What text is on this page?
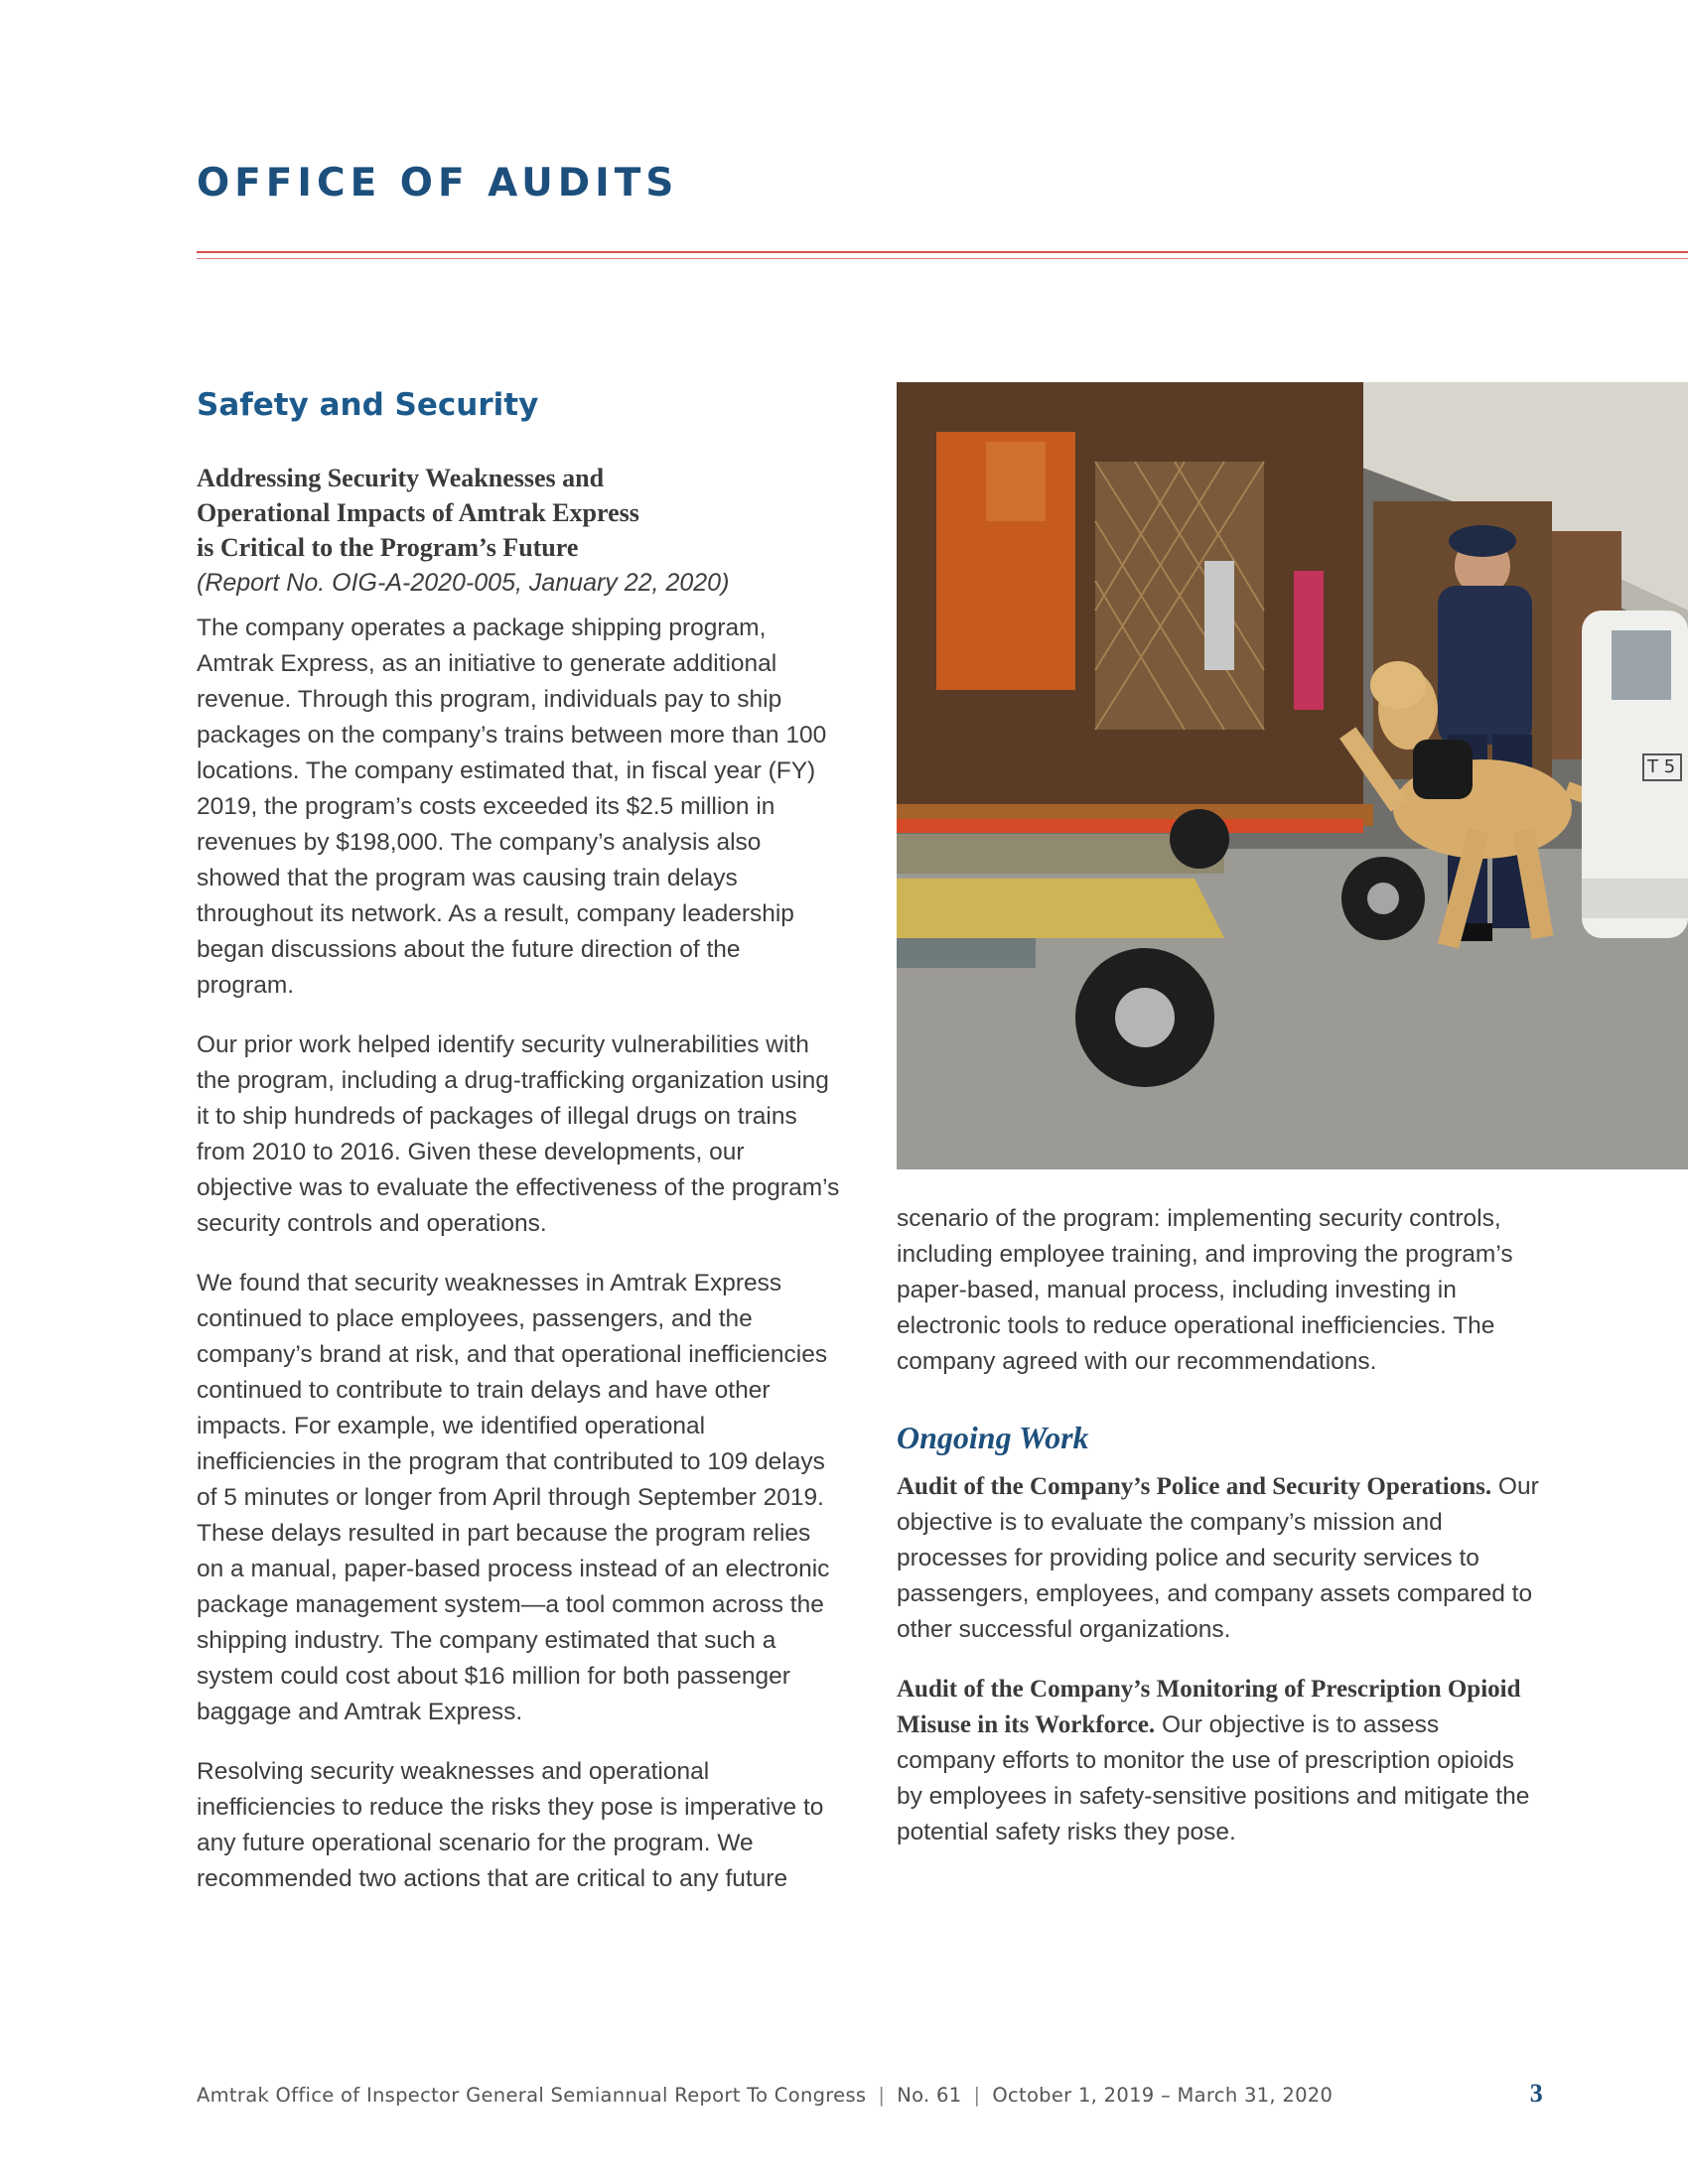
OFFICE OF AUDITS
Safety and Security

Addressing Security Weaknesses and
Operational Impacts of Amtrak Express
is Critical to the Program’s Future

(Report No. OIG-A-2020-005, January 22, 2020)

The company operates a package shipping program, Amtrak Express, as an initiative to generate additional revenue. Through this program, individuals pay to ship packages on the company’s trains between more than 100 locations. The company estimated that, in fiscal year (FY) 2019, the program’s costs exceeded its $2.5 million in revenues by $198,000. The company’s analysis also showed that the program was causing train delays throughout its network. As a result, company leadership began discussions about the future direction of the program.

Our prior work helped identify security vulnerabilities with the program, including a drug-trafficking organization using it to ship hundreds of packages of illegal drugs on trains from 2010 to 2016. Given these developments, our objective was to evaluate the effectiveness of the program’s security controls and operations.

We found that security weaknesses in Amtrak Express continued to place employees, passengers, and the company’s brand at risk, and that operational inefficiencies continued to contribute to train delays and have other impacts. For example, we identified operational inefficiencies in the program that contributed to 109 delays of 5 minutes or longer from April through September 2019. These delays resulted in part because the program relies on a manual, paper-based process instead of an electronic package management system—a tool common across the shipping industry. The company estimated that such a system could cost about $16 million for both passenger baggage and Amtrak Express.

Resolving security weaknesses and operational inefficiencies to reduce the risks they pose is imperative to any future operational scenario for the program. We recommended two actions that are critical to any future

T 5

scenario of the program: implementing security controls, including employee training, and improving the program’s paper-based, manual process, including investing in electronic tools to reduce operational inefficiencies. The company agreed with our recommendations.

Ongoing Work

Audit of the Company’s Police and Security Operations. Our objective is to evaluate the company’s mission and processes for providing police and security services to passengers, employees, and company assets compared to other successful organizations.

Audit of the Company’s Monitoring of Prescription Opioid Misuse in its Workforce. Our objective is to assess company efforts to monitor the use of prescription opioids by employees in safety-sensitive positions and mitigate the potential safety risks they pose.

Amtrak Office of Inspector General Semiannual Report To Congress | No. 61 | October 1, 2019 – March 31, 2020	3
